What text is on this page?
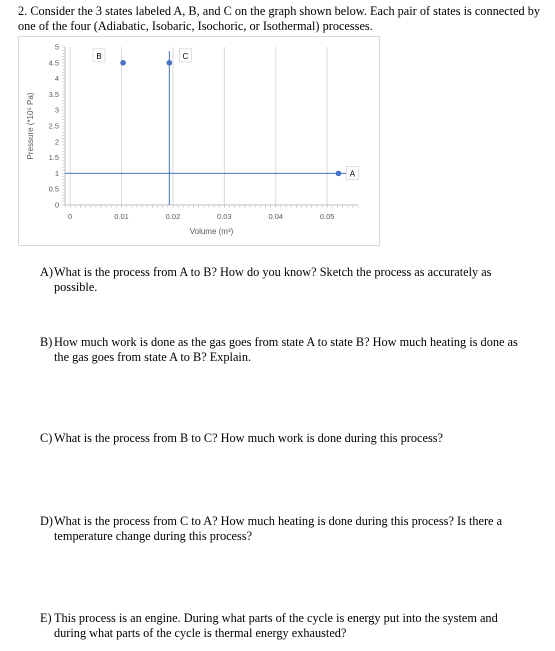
2. Consider the 3 states labeled A, B, and C on the graph shown below. Each pair of states is connected by one of the four (Adiabatic, Isobaric, Isochoric, or Isothermal) processes.
0
0.5
1
1.5
2
2.5
3
3.5
4
4.5
5
0	0.01	0.02	0.03	0.04	0.05
Volume (m³)
Pressure (*10⁵ Pa)
A
B	C
A) What is the process from A to B? How do you know? Sketch the process as accurately as possible.
B) How much work is done as the gas goes from state A to state B? How much heating is done as the gas goes from state A to B? Explain.
C) What is the process from B to C? How much work is done during this process?
D) What is the process from C to A? How much heating is done during this process? Is there a temperature change during this process?
E) This process is an engine. During what parts of the cycle is energy put into the system and during what parts of the cycle is thermal energy exhausted?
